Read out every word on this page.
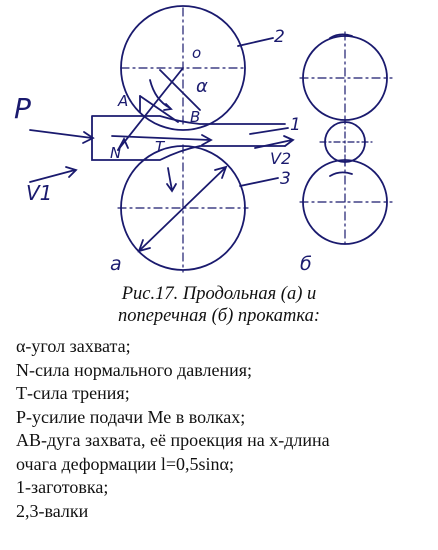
P
V1
A
B
N T
α
o
V2
1
2
3
a	б
Рис.17. Продольная (а) и
поперечная (б) прокатка:
α-угол захвата;
N-сила нормального давления;
Т-сила трения;
Р-усилие подачи Ме в волках;
АВ-дуга захвата, её проекция на х-длина
очага деформации l=0,5sinα;
1-заготовка;
2,3-валки
